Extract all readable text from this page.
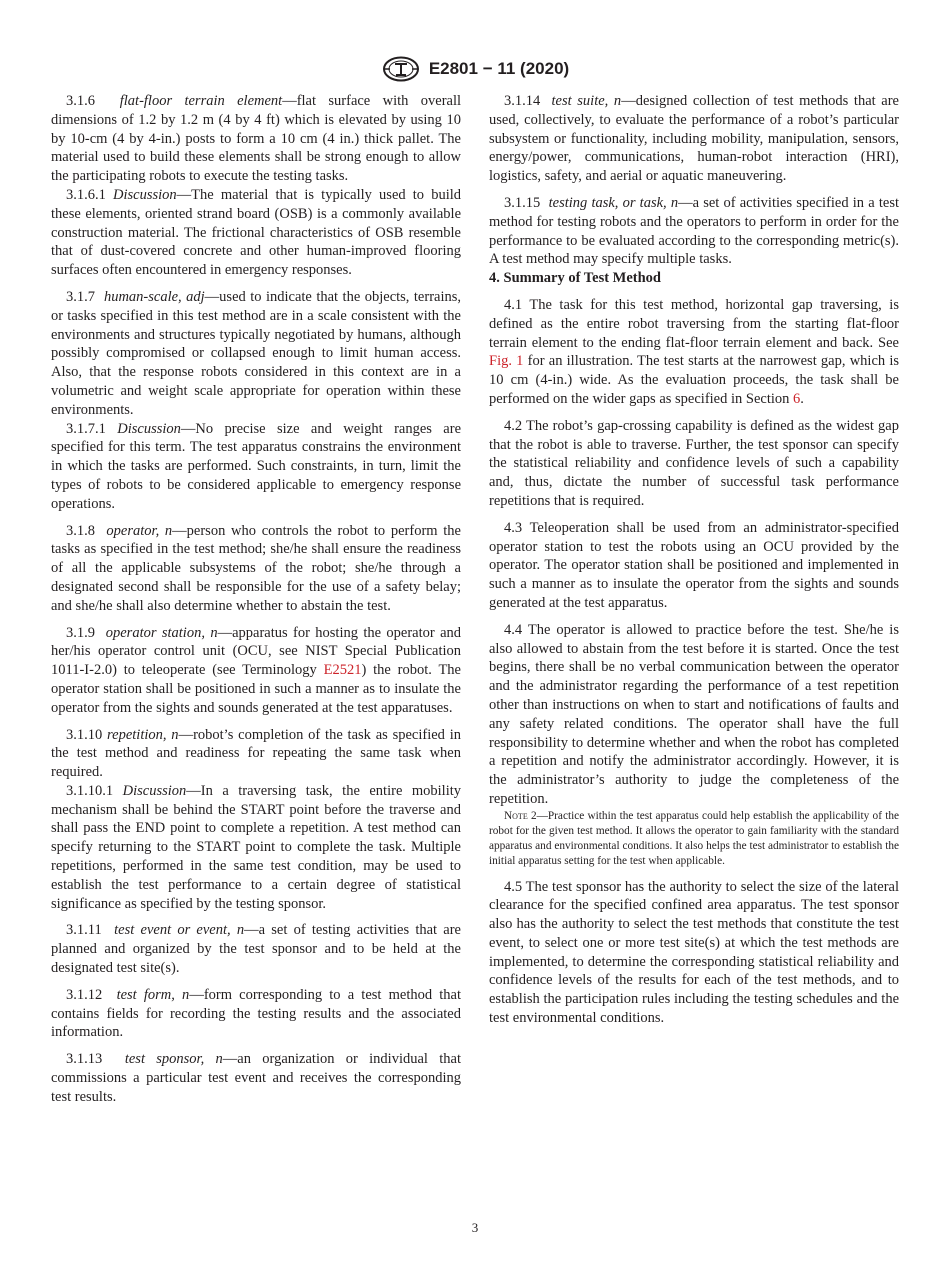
E2801 − 11 (2020)

3.1.6 flat-floor terrain element—flat surface with overall dimensions of 1.2 by 1.2 m (4 by 4 ft) which is elevated by using 10 by 10-cm (4 by 4-in.) posts to form a 10 cm (4 in.) thick pallet. The material used to build these elements shall be strong enough to allow the participating robots to execute the testing tasks.

3.1.6.1 Discussion—The material that is typically used to build these elements, oriented strand board (OSB) is a commonly available construction material. The frictional characteristics of OSB resemble that of dust-covered concrete and other human-improved flooring surfaces often encountered in emergency responses.

3.1.7 human-scale, adj—used to indicate that the objects, terrains, or tasks specified in this test method are in a scale consistent with the environments and structures typically negotiated by humans, although possibly compromised or collapsed enough to limit human access. Also, that the response robots considered in this context are in a volumetric and weight scale appropriate for operation within these environments.

3.1.7.1 Discussion—No precise size and weight ranges are specified for this term. The test apparatus constrains the environment in which the tasks are performed. Such constraints, in turn, limit the types of robots to be considered applicable to emergency response operations.

3.1.8 operator, n—person who controls the robot to perform the tasks as specified in the test method; she/he shall ensure the readiness of all the applicable subsystems of the robot; she/he through a designated second shall be responsible for the use of a safety belay; and she/he shall also determine whether to abstain the test.

3.1.9 operator station, n—apparatus for hosting the operator and her/his operator control unit (OCU, see NIST Special Publication 1011-I-2.0) to teleoperate (see Terminology E2521) the robot. The operator station shall be positioned in such a manner as to insulate the operator from the sights and sounds generated at the test apparatuses.

3.1.10 repetition, n—robot’s completion of the task as specified in the test method and readiness for repeating the same task when required.

3.1.10.1 Discussion—In a traversing task, the entire mobility mechanism shall be behind the START point before the traverse and shall pass the END point to complete a repetition. A test method can specify returning to the START point to complete the task. Multiple repetitions, performed in the same test condition, may be used to establish the test performance to a certain degree of statistical significance as specified by the testing sponsor.

3.1.11 test event or event, n—a set of testing activities that are planned and organized by the test sponsor and to be held at the designated test site(s).

3.1.12 test form, n—form corresponding to a test method that contains fields for recording the testing results and the associated information.

3.1.13 test sponsor, n—an organization or individual that commissions a particular test event and receives the corresponding test results.

3.1.14 test suite, n—designed collection of test methods that are used, collectively, to evaluate the performance of a robot’s particular subsystem or functionality, including mobility, manipulation, sensors, energy/power, communications, human-robot interaction (HRI), logistics, safety, and aerial or aquatic maneuvering.

3.1.15 testing task, or task, n—a set of activities specified in a test method for testing robots and the operators to perform in order for the performance to be evaluated according to the corresponding metric(s). A test method may specify multiple tasks.

4. Summary of Test Method

4.1 The task for this test method, horizontal gap traversing, is defined as the entire robot traversing from the starting flat-floor terrain element to the ending flat-floor terrain element and back. See Fig. 1 for an illustration. The test starts at the narrowest gap, which is 10 cm (4-in.) wide. As the evaluation proceeds, the task shall be performed on the wider gaps as specified in Section 6.

4.2 The robot’s gap-crossing capability is defined as the widest gap that the robot is able to traverse. Further, the test sponsor can specify the statistical reliability and confidence levels of such a capability and, thus, dictate the number of successful task performance repetitions that is required.

4.3 Teleoperation shall be used from an administrator-specified operator station to test the robots using an OCU provided by the operator. The operator station shall be positioned and implemented in such a manner as to insulate the operator from the sights and sounds generated at the test apparatus.

4.4 The operator is allowed to practice before the test. She/he is also allowed to abstain from the test before it is started. Once the test begins, there shall be no verbal communication between the operator and the administrator regarding the performance of a test repetition other than instructions on when to start and notifications of faults and any safety related conditions. The operator shall have the full responsibility to determine whether and when the robot has completed a repetition and notify the administrator accordingly. However, it is the administrator’s authority to judge the completeness of the repetition.

Note 2—Practice within the test apparatus could help establish the applicability of the robot for the given test method. It allows the operator to gain familiarity with the standard apparatus and environmental conditions. It also helps the test administrator to establish the initial apparatus setting for the test when applicable.

4.5 The test sponsor has the authority to select the size of the lateral clearance for the specified confined area apparatus. The test sponsor also has the authority to select the test methods that constitute the test event, to select one or more test site(s) at which the test methods are implemented, to determine the corresponding statistical reliability and confidence levels of the results for each of the test methods, and to establish the participation rules including the testing schedules and the test environmental conditions.

3
